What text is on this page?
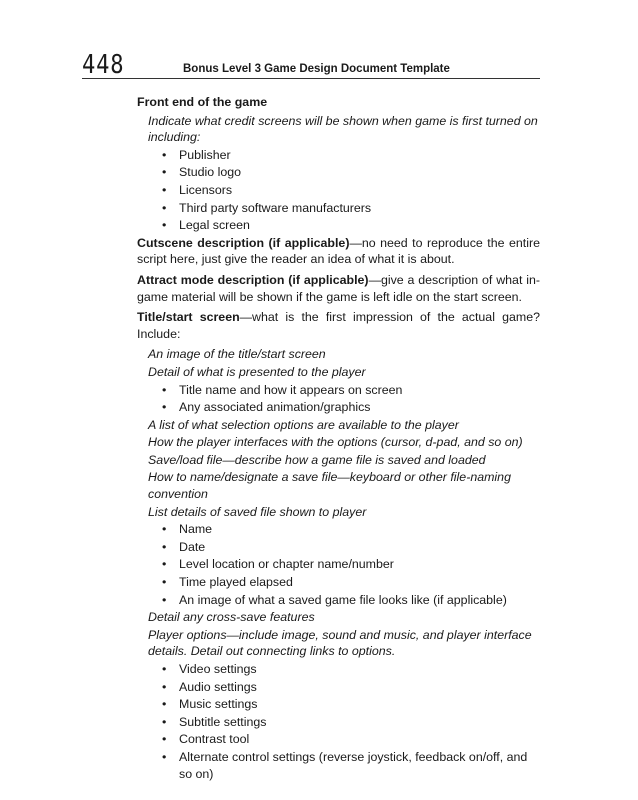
448	Bonus Level 3 Game Design Document Template
Front end of the game
Indicate what credit screens will be shown when game is first turned on including:
• Publisher
• Studio logo
• Licensors
• Third party software manufacturers
• Legal screen
Cutscene description (if applicable)—no need to reproduce the entire script here, just give the reader an idea of what it is about.
Attract mode description (if applicable)—give a description of what in-game material will be shown if the game is left idle on the start screen.
Title/start screen—what is the first impression of the actual game? Include:
An image of the title/start screen
Detail of what is presented to the player
• Title name and how it appears on screen
• Any associated animation/graphics
A list of what selection options are available to the player
How the player interfaces with the options (cursor, d-pad, and so on)
Save/load file—describe how a game file is saved and loaded
How to name/designate a save file—keyboard or other file-naming convention
List details of saved file shown to player
• Name
• Date
• Level location or chapter name/number
• Time played elapsed
• An image of what a saved game file looks like (if applicable)
Detail any cross-save features
Player options—include image, sound and music, and player interface details. Detail out connecting links to options.
• Video settings
• Audio settings
• Music settings
• Subtitle settings
• Contrast tool
• Alternate control settings (reverse joystick, feedback on/off, and so on)
